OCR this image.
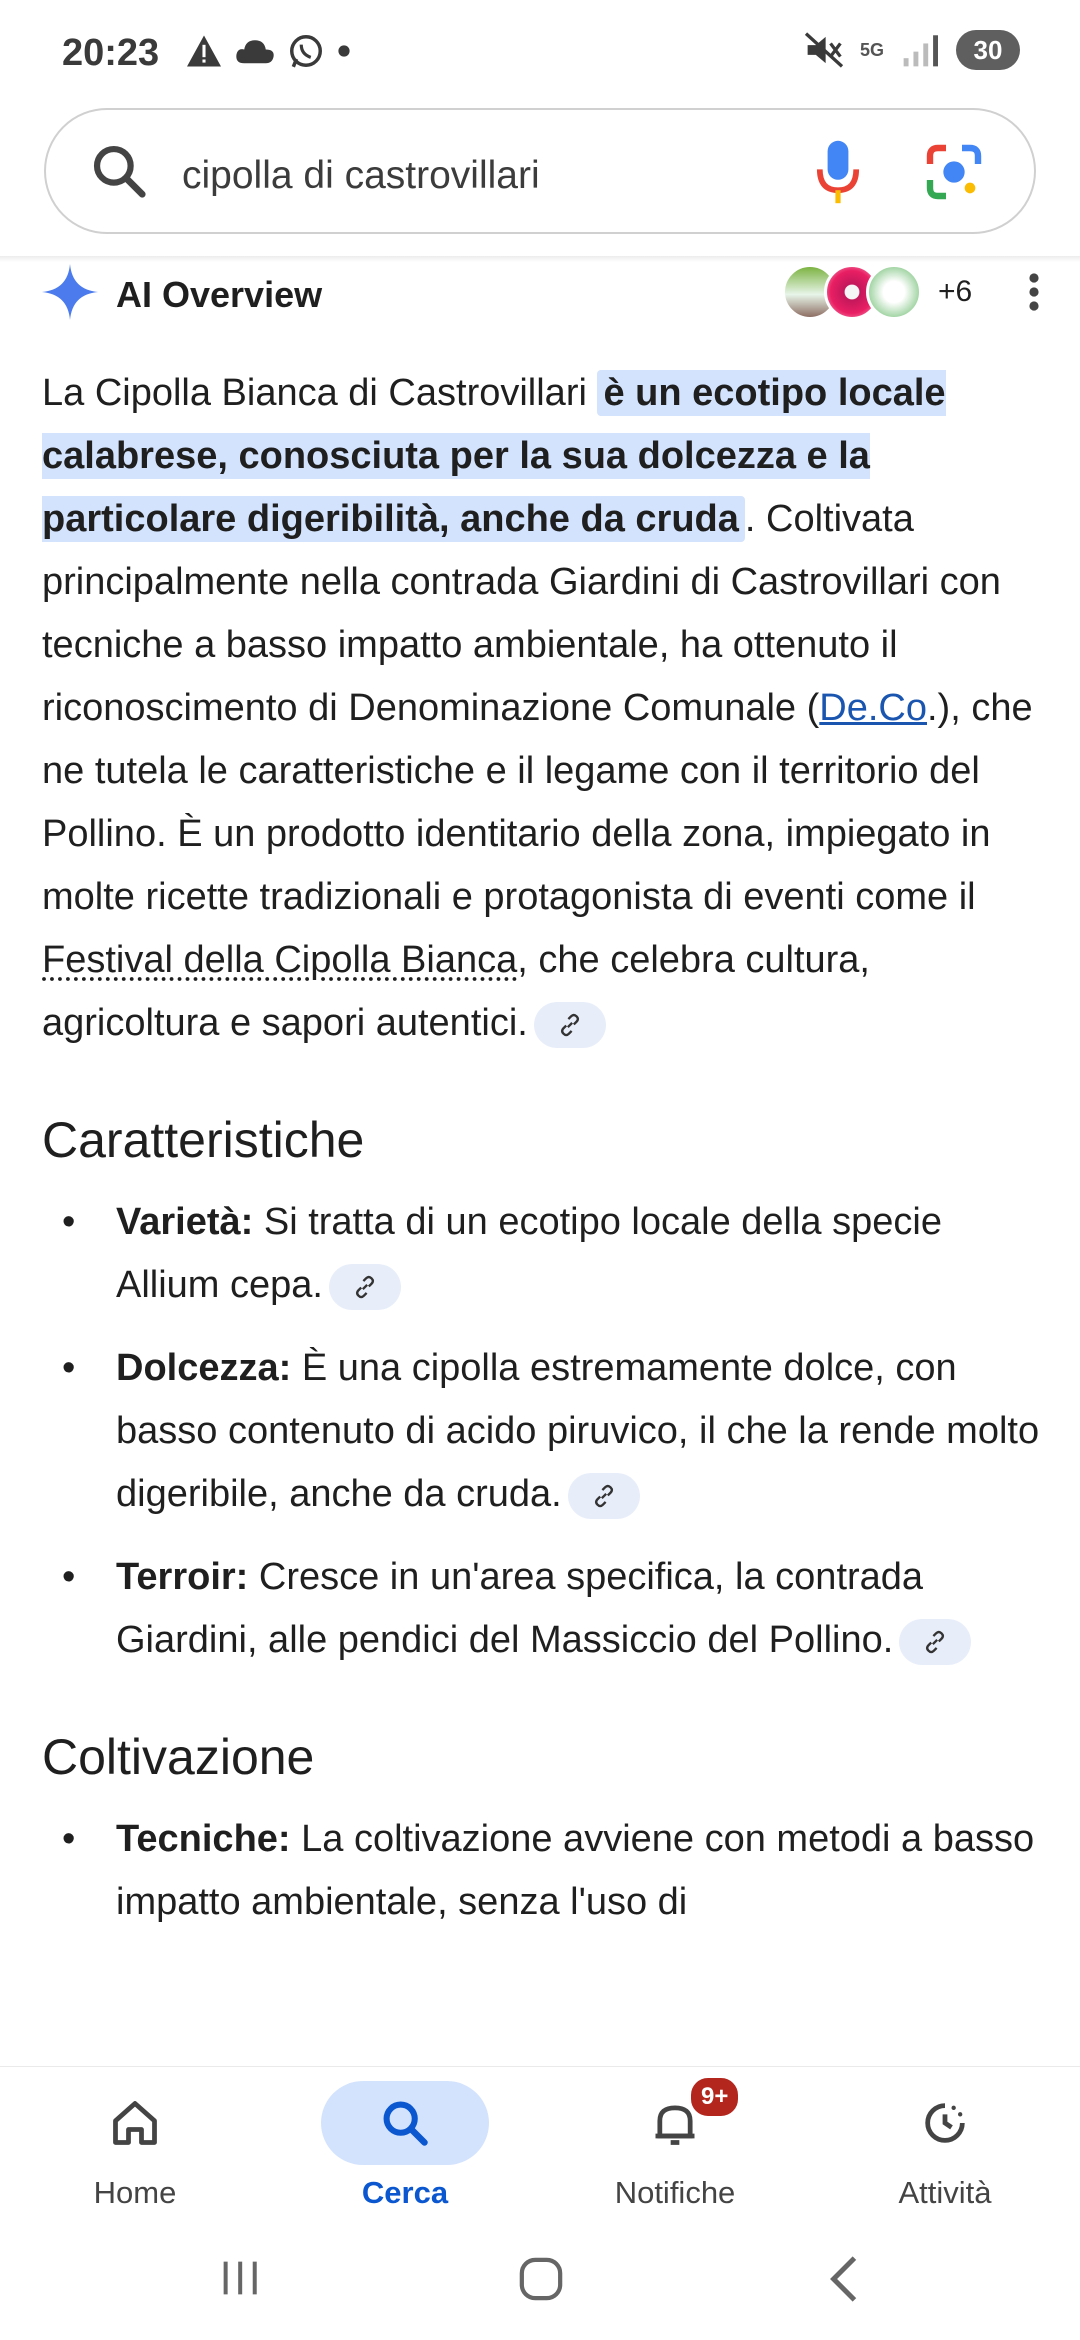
20:23	5G	30
cipolla di castrovillari
AI Overview	+6

La Cipolla Bianca di Castrovillari è un ecotipo locale calabrese, conosciuta per la sua dolcezza e la particolare digeribilità, anche da cruda . Coltivata principalmente nella contrada Giardini di Castrovillari con tecniche a basso impatto ambientale, ha ottenuto il riconoscimento di Denominazione Comunale (De.Co.), che ne tutela le caratteristiche e il legame con il territorio del Pollino. È un prodotto identitario della zona, impiegato in molte ricette tradizionali e protagonista di eventi come il Festival della Cipolla Bianca, che celebra cultura, agricoltura e sapori autentici.

Caratteristiche
• Varietà: Si tratta di un ecotipo locale della specie Allium cepa.
• Dolcezza: È una cipolla estremamente dolce, con basso contenuto di acido piruvico, il che la rende molto digeribile, anche da cruda.
• Terroir: Cresce in un'area specifica, la contrada Giardini, alle pendici del Massiccio del Pollino.
Coltivazione
• Tecniche: La coltivazione avviene con metodi a basso impatto ambientale, senza l'uso di
Home	Cerca
9+
Notifiche	Attività
